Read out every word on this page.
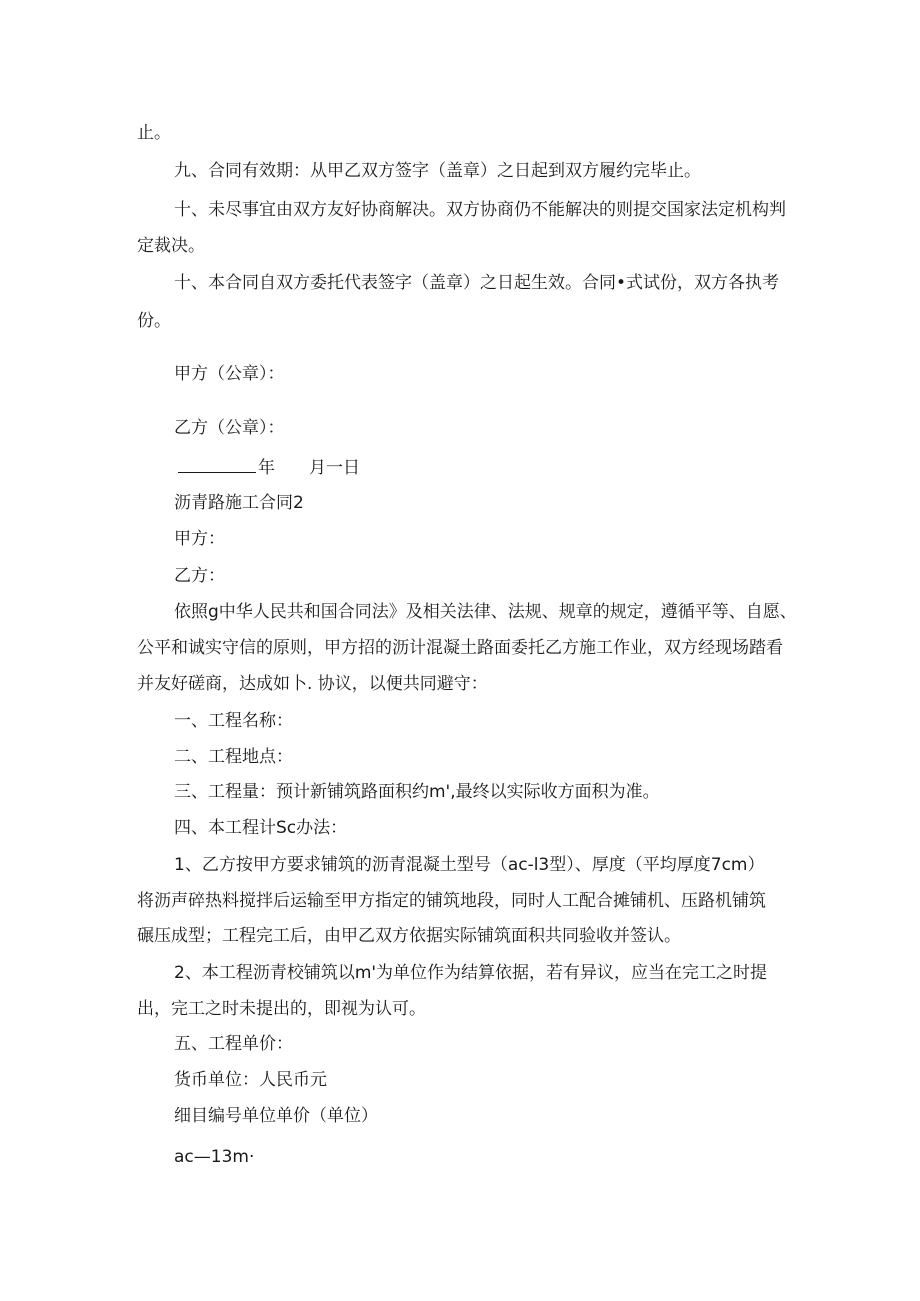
止。
九、合同有效期：从甲乙双方签字（盖章）之日起到双方履约完毕止。
十、未尽事宜由双方友好协商解决。双方协商仍不能解决的则提交国家法定机构判
定裁决。
十、本合同自双方委托代表签字（盖章）之日起生效。合同•式试份，双方各执考
份。
甲方（公章）：
乙方（公章）：
年 月一日
沥青路施工合同2
甲方：
乙方：
依照g中华人民共和国合同法》及相关法律、法规、规章的规定，遵循平等、自愿、
公平和诚实守信的原则，甲方招的沥计混凝土路面委托乙方施工作业，双方经现场踏看
并友好磋商，达成如卜. 协议，以便共同避守：
一、工程名称：
二、工程地点：
三、工程量：预计新铺筑路面积约m',最终以实际收方面积为准。
四、本工程计Sc办法：
1、乙方按甲方要求铺筑的沥青混凝土型号（ac-l3型）、厚度（平均厚度7cm）
将沥声碎热料搅拌后运输至甲方指定的铺筑地段，同时人工配合摊铺机、压路机铺筑
碾压成型；工程完工后，由甲乙双方依据实际铺筑面积共同验收并签认。
2、本工程沥青校铺筑以m'为单位作为结算依据，若有异议，应当在完工之时提
出，完工之时未提出的，即视为认可。
五、工程单价：
货币单位：人民币元
细目编号单位单价（单位）
ac—13m·
